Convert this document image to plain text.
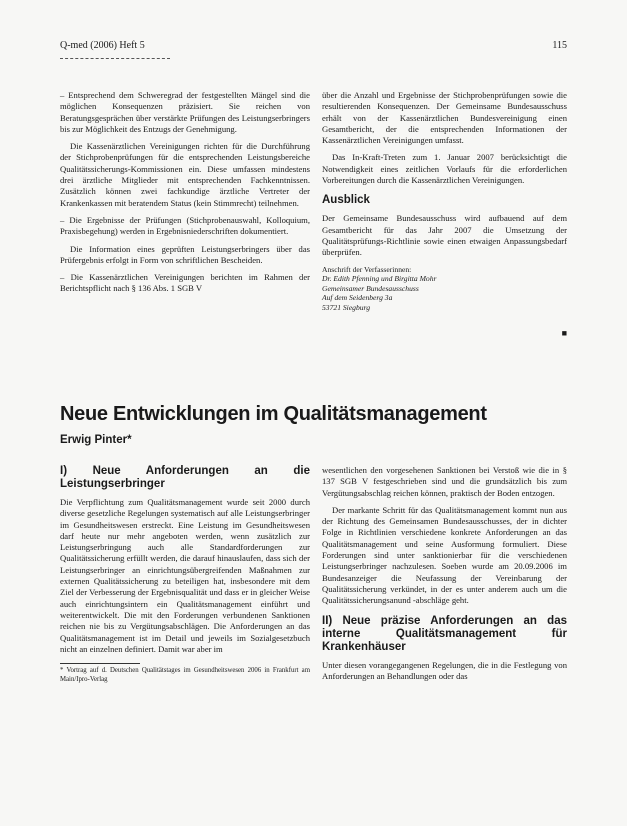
Q-med (2006) Heft 5	115

– Entsprechend dem Schweregrad der festgestellten Mängel sind die möglichen Konsequenzen präzisiert. Sie reichen von Beratungsgesprächen über verstärkte Prüfungen des Leistungserbringers bis zur Möglichkeit des Entzugs der Genehmigung.

Die Kassenärztlichen Vereinigungen richten für die Durchführung der Stichprobenprüfungen für die entsprechenden Leistungsbereiche Qualitätssicherungs-Kommissionen ein. Diese umfassen mindestens drei ärztliche Mitglieder mit entsprechenden Fachkenntnissen. Zusätzlich können zwei fachkundige ärztliche Vertreter der Krankenkassen mit beratendem Status (kein Stimmrecht) teilnehmen.

– Die Ergebnisse der Prüfungen (Stichprobenauswahl, Kolloquium, Praxisbegehung) werden in Ergebnisniederschriften dokumentiert.

Die Information eines geprüften Leistungserbringers über das Prüfergebnis erfolgt in Form von schriftlichen Bescheiden.

– Die Kassenärztlichen Vereinigungen berichten im Rahmen der Berichtspflicht nach § 136 Abs. 1 SGB V

über die Anzahl und Ergebnisse der Stichprobenprüfungen sowie die resultierenden Konsequenzen. Der Gemeinsame Bundesausschuss erhält von der Kassenärztlichen Bundesvereinigung einen Gesamtbericht, der die entsprechenden Informationen der Kassenärztlichen Vereinigungen umfasst.

Das In-Kraft-Treten zum 1. Januar 2007 berücksichtigt die Notwendigkeit eines zeitlichen Vorlaufs für die erforderlichen Vorbereitungen durch die Kassenärztlichen Vereinigungen.

Ausblick

Der Gemeinsame Bundesausschuss wird aufbauend auf dem Gesamtbericht für das Jahr 2007 die Umsetzung der Qualitätsprüfungs-Richtlinie sowie einen etwaigen Anpassungsbedarf überprüfen.

Anschrift der Verfasserinnen:
Dr. Edith Pfenning und Birgitta Mohr
Gemeinsamer Bundesausschuss
Auf dem Seidenberg 3a
53721 Siegburg
■
Neue Entwicklungen im Qualitätsmanagement
Erwig Pinter*
I) Neue Anforderungen an die Leistungserbringer

Die Verpflichtung zum Qualitätsmanagement wurde seit 2000 durch diverse gesetzliche Regelungen systematisch auf alle Leistungserbringer im Gesundheitswesen erstreckt. Eine Leistung im Gesundheitswesen darf heute nur mehr angeboten werden, wenn zusätzlich zur Leistungserbringung auch alle Standardforderungen zur Qualitätssicherung erfüllt werden, die darauf hinauslaufen, dass sich der Leistungserbringer an einrichtungsübergreifenden Maßnahmen zur externen Qualitätssicherung zu beteiligen hat, insbesondere mit dem Ziel der Verbesserung der Ergebnisqualität und dass er in gleicher Weise auch einrichtungsintern ein Qualitätsmanagement einführt und weiterentwickelt. Die mit den Forderungen verbundenen Sanktionen reichen nie bis zu Vergütungsabschlägen. Die Anforderungen an das Qualitätsmanagement ist im Detail und jeweils im Sozialgesetzbuch nicht an einzelnen definiert. Damit war aber im

* Vortrag auf d. Deutschen Qualitätstages im Gesundheitswesen 2006 in Frankfurt am Main/Ipro-Verlag

wesentlichen den vorgesehenen Sanktionen bei Verstoß wie die in § 137 SGB V festgeschrieben sind und die grundsätzlich bis zum Vergütungsabschlag reichen können, praktisch der Boden entzogen.

Der markante Schritt für das Qualitätsmanagement kommt nun aus der Richtung des Gemeinsamen Bundesausschusses, der in dichter Folge in Richtlinien verschiedene konkrete Anforderungen an das Qualitätsmanagement und seine Ausformung formuliert. Diese Forderungen sind unter sanktionierbar für die verschiedenen Leistungserbringer nachzulesen. Soeben wurde am 20.09.2006 im Bundesanzeiger die Neufassung der Vereinbarung der Qualitätssicherung verkündet, in der es unter anderem auch um die Qualitätssicherungsanund -abschläge geht.

II) Neue präzise Anforderungen an das interne Qualitätsmanagement für Krankenhäuser

Unter diesen vorangegangenen Regelungen, die in die Festlegung von Anforderungen an Behandlungen oder das
